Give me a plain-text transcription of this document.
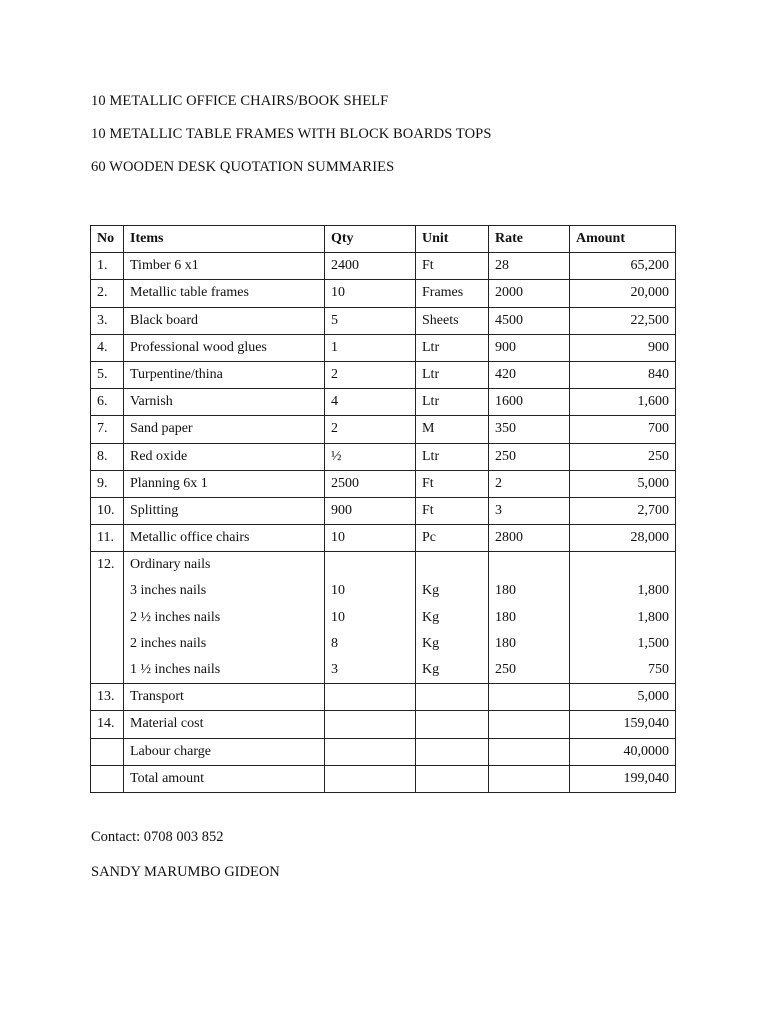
10 METALLIC OFFICE CHAIRS/BOOK SHELF
10 METALLIC TABLE FRAMES WITH BLOCK BOARDS TOPS
60 WOODEN DESK QUOTATION SUMMARIES
No	Items	Qty	Unit	Rate	Amount
1.	Timber 6 x1	2400	Ft	28	65,200
2.	Metallic table frames	10	Frames	2000	20,000
3.	Black board	5	Sheets	4500	22,500
4.	Professional wood glues	1	Ltr	900	900
5.	Turpentine/thina	2	Ltr	420	840
6.	Varnish	4	Ltr	1600	1,600
7.	Sand paper	2	M	350	700
8.	Red oxide	½	Ltr	250	250
9.	Planning 6x 1	2500	Ft	2	5,000
10.	Splitting	900	Ft	3	2,700
11.	Metallic office chairs	10	Pc	2800	28,000
12.	Ordinary nails				
	3 inches nails	10	Kg	180	1,800
	2 ½ inches nails	10	Kg	180	1,800
	2 inches nails	8	Kg	180	1,500
	1 ½ inches nails	3	Kg	250	750
13.	Transport				5,000
14.	Material cost				159,040
	Labour charge				40,0000
	Total amount				199,040
Contact: 0708 003 852
SANDY MARUMBO GIDEON
